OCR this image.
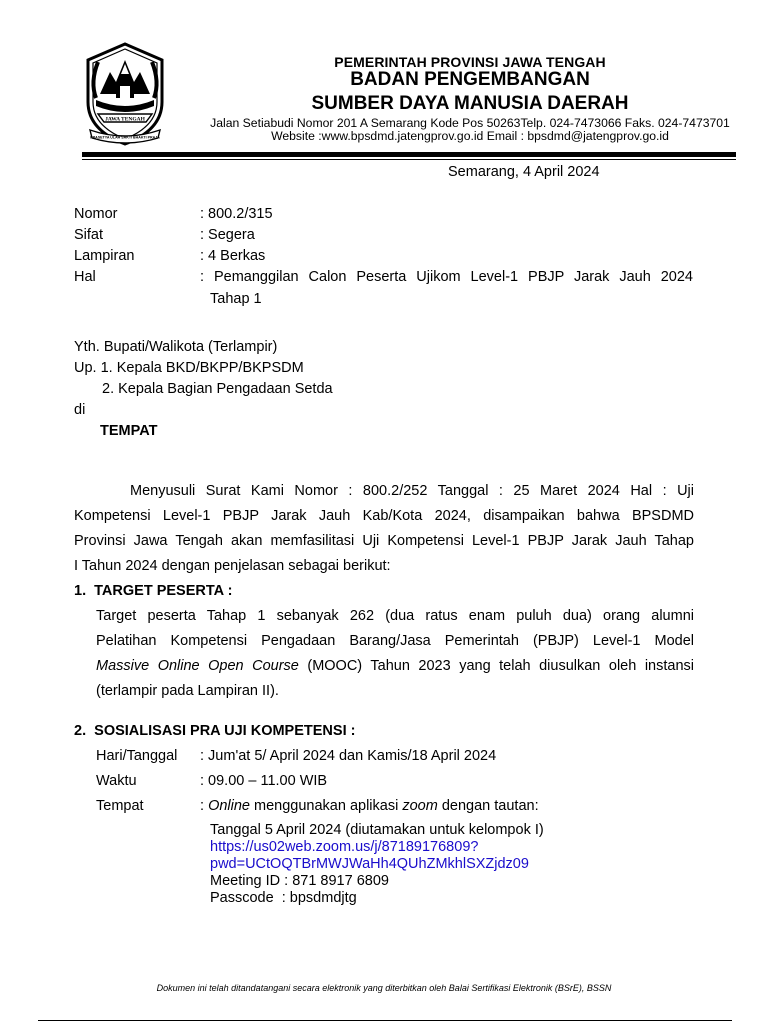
JAWA TENGAH
PRASETYA ULAH SAKTI BHAKTI PRAJA
PEMERINTAH PROVINSI JAWA TENGAH
BADAN PENGEMBANGAN
SUMBER DAYA MANUSIA DAERAH
Jalan Setiabudi Nomor 201 A Semarang Kode Pos 50263Telp. 024-7473066 Faks. 024-7473701
Website :www.bpsdmd.jatengprov.go.id Email : bpsdmd@jatengprov.go.id
Semarang, 4 April 2024
Nomor	: 800.2/315
Sifat	: Segera
Lampiran	: 4 Berkas
Hal	: Pemanggilan Calon Peserta Ujikom Level-1 PBJP Jarak Jauh 2024
Tahap 1
Yth. Bupati/Walikota (Terlampir)
Up. 1. Kepala BKD/BKPP/BKPSDM
2. Kepala Bagian Pengadaan Setda
di
TEMPAT
Menyusuli Surat Kami Nomor : 800.2/252 Tanggal : 25 Maret 2024 Hal : Uji
Kompetensi Level-1 PBJP Jarak Jauh Kab/Kota 2024, disampaikan bahwa BPSDMD
Provinsi Jawa Tengah akan memfasilitasi Uji Kompetensi Level-1 PBJP Jarak Jauh Tahap
I Tahun 2024 dengan penjelasan sebagai berikut:
1.  TARGET PESERTA :
Target peserta Tahap 1 sebanyak 262 (dua ratus enam puluh dua) orang alumni
Pelatihan Kompetensi Pengadaan Barang/Jasa Pemerintah (PBJP) Level-1 Model
Massive Online Open Course (MOOC) Tahun 2023 yang telah diusulkan oleh instansi
(terlampir pada Lampiran II).
2.  SOSIALISASI PRA UJI KOMPETENSI :
Hari/Tanggal : Jum'at 5/ April 2024 dan Kamis/18 April 2024
Waktu	: 09.00 – 11.00 WIB
Tempat	: Online menggunakan aplikasi zoom dengan tautan:
Tanggal 5 April 2024 (diutamakan untuk kelompok I)
https://us02web.zoom.us/j/87189176809?
pwd=UCtOQTBrMWJWaHh4QUhZMkhlSXZjdz09
Meeting ID : 871 8917 6809
Passcode  : bpsdmdjtg
Dokumen ini telah ditandatangani secara elektronik yang diterbitkan oleh Balai Sertifikasi Elektronik (BSrE), BSSN
